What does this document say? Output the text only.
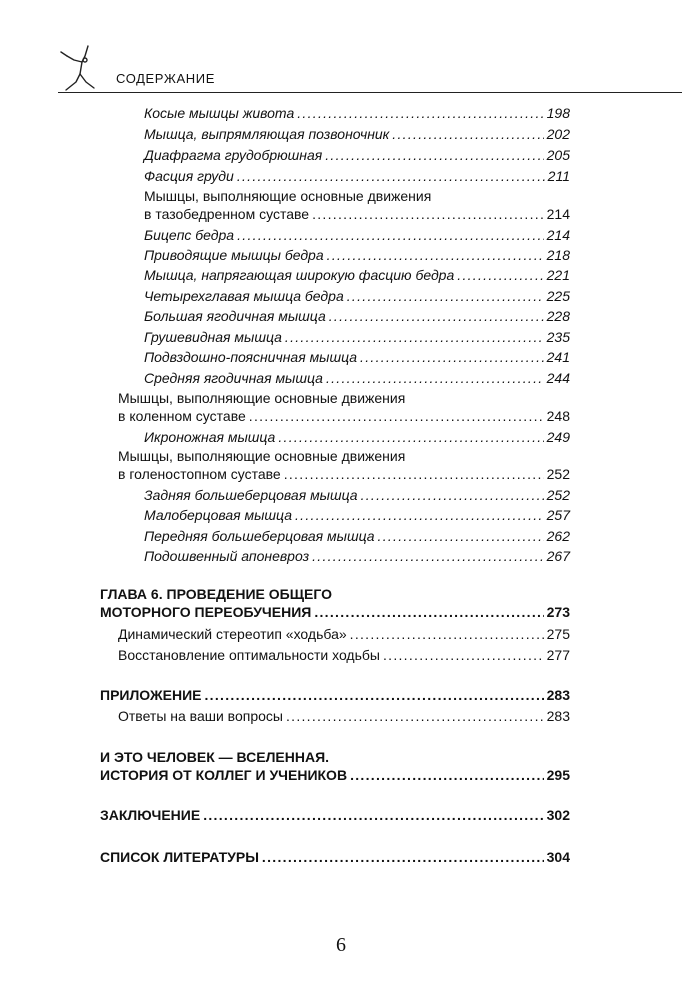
СОДЕРЖАНИЕ
Косые мышцы живота . . .	198
Мышца, выпрямляющая позвоночник . . .	202
Диафрагма грудобрюшная . . .	205
Фасция груди . . .	211
Мышцы, выполняющие основные движения
в тазобедренном суставе . . .	214
Бицепс бедра . . .	214
Приводящие мышцы бедра . . .	218
Мышца, напрягающая широкую фасцию бедра . . .	221
Четырехглавая мышца бедра . . .	225
Большая ягодичная мышца . . .	228
Грушевидная мышца . . .	235
Подвздошно-поясничная мышца . . .	241
Средняя ягодичная мышца . . .	244
Мышцы, выполняющие основные движения
в коленном суставе . . .	248
Икроножная мышца . . .	249
Мышцы, выполняющие основные движения
в голеностопном суставе . . .	252
Задняя большеберцовая мышца . . .	252
Малоберцовая мышца . . .	257
Передняя большеберцовая мышца . . .	262
Подошвенный апоневроз . . .	267
ГЛАВА 6. ПРОВЕДЕНИЕ ОБЩЕГО
МОТОРНОГО ПЕРЕОБУЧЕНИЯ . . .	273
Динамический стереотип «ходьба» . . .	275
Восстановление оптимальности ходьбы . . .	277
ПРИЛОЖЕНИЕ . . .	283
Ответы на ваши вопросы . . .	283
И ЭТО ЧЕЛОВЕК — ВСЕЛЕННАЯ.
ИСТОРИЯ ОТ КОЛЛЕГ И УЧЕНИКОВ . . .	295
ЗАКЛЮЧЕНИЕ . . .	302
СПИСОК ЛИТЕРАТУРЫ . . .	304
6
